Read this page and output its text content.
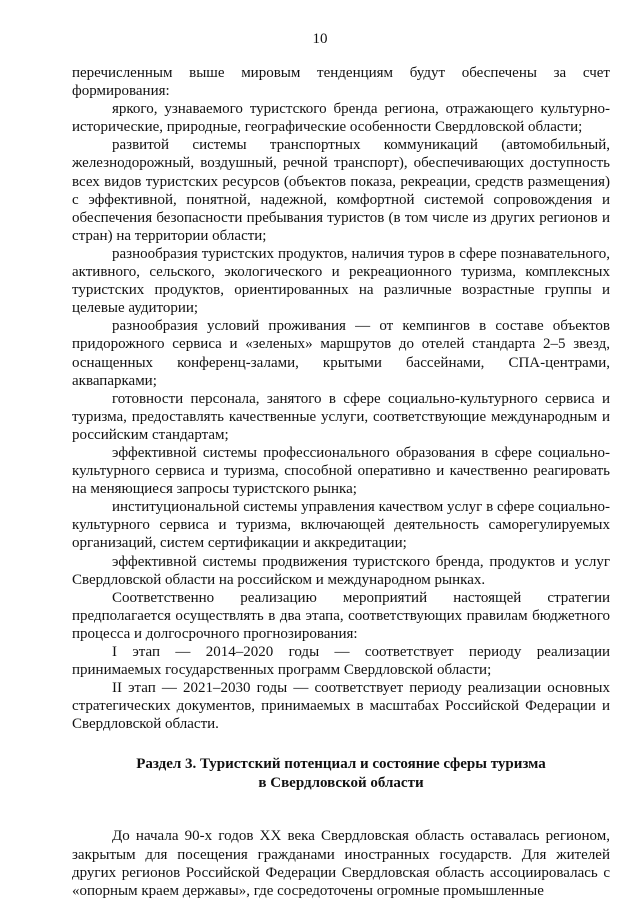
10

перечисленным выше мировым тенденциям будут обеспечены за счет формирования:

яркого, узнаваемого туристского бренда региона, отражающего культурно-исторические, природные, географические особенности Свердловской области;

развитой системы транспортных коммуникаций (автомобильный, железнодорожный, воздушный, речной транспорт), обеспечивающих доступность всех видов туристских ресурсов (объектов показа, рекреации, средств размещения) с эффективной, понятной, надежной, комфортной системой сопровождения и обеспечения безопасности пребывания туристов (в том числе из других регионов и стран) на территории области;

разнообразия туристских продуктов, наличия туров в сфере познавательного, активного, сельского, экологического и рекреационного туризма, комплексных туристских продуктов, ориентированных на различные возрастные группы и целевые аудитории;

разнообразия условий проживания — от кемпингов в составе объектов придорожного сервиса и «зеленых» маршрутов до отелей стандарта 2–5 звезд, оснащенных конференц-залами, крытыми бассейнами, СПА-центрами, аквапарками;

готовности персонала, занятого в сфере социально-культурного сервиса и туризма, предоставлять качественные услуги, соответствующие международным и российским стандартам;

эффективной системы профессионального образования в сфере социально-культурного сервиса и туризма, способной оперативно и качественно реагировать на меняющиеся запросы туристского рынка;

институциональной системы управления качеством услуг в сфере социально-культурного сервиса и туризма, включающей деятельность саморегулируемых организаций, систем сертификации и аккредитации;

эффективной системы продвижения туристского бренда, продуктов и услуг Свердловской области на российском и международном рынках.

Соответственно реализацию мероприятий настоящей стратегии предполагается осуществлять в два этапа, соответствующих правилам бюджетного процесса и долгосрочного прогнозирования:

I этап — 2014–2020 годы — соответствует периоду реализации принимаемых государственных программ Свердловской области;

II этап — 2021–2030 годы — соответствует периоду реализации основных стратегических документов, принимаемых в масштабах Российской Федерации и Свердловской области.

Раздел 3. Туристский потенциал и состояние сферы туризма
в Свердловской области

До начала 90-х годов XX века Свердловская область оставалась регионом, закрытым для посещения гражданами иностранных государств. Для жителей других регионов Российской Федерации Свердловская область ассоциировалась с «опорным краем державы», где сосредоточены огромные промышленные
